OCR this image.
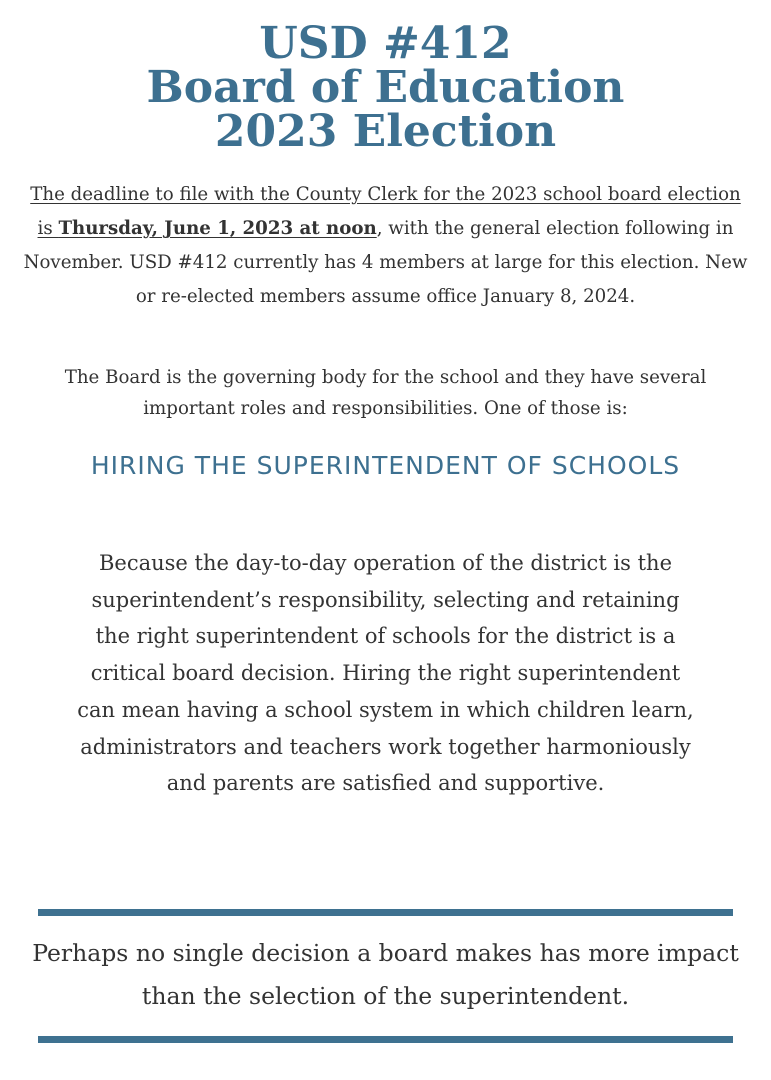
USD #412
Board of Education
2023 Election
The deadline to file with the County Clerk for the 2023 school board election is Thursday, June 1, 2023 at noon, with the general election following in November. USD #412 currently has 4 members at large for this election. New or re-elected members assume office January 8, 2024.
The Board is the governing body for the school and they have several important roles and responsibilities. One of those is:
HIRING THE SUPERINTENDENT OF SCHOOLS
Because the day-to-day operation of the district is the superintendent’s responsibility, selecting and retaining the right superintendent of schools for the district is a critical board decision. Hiring the right superintendent can mean having a school system in which children learn, administrators and teachers work together harmoniously and parents are satisfied and supportive.
Perhaps no single decision a board makes has more impact than the selection of the superintendent.
